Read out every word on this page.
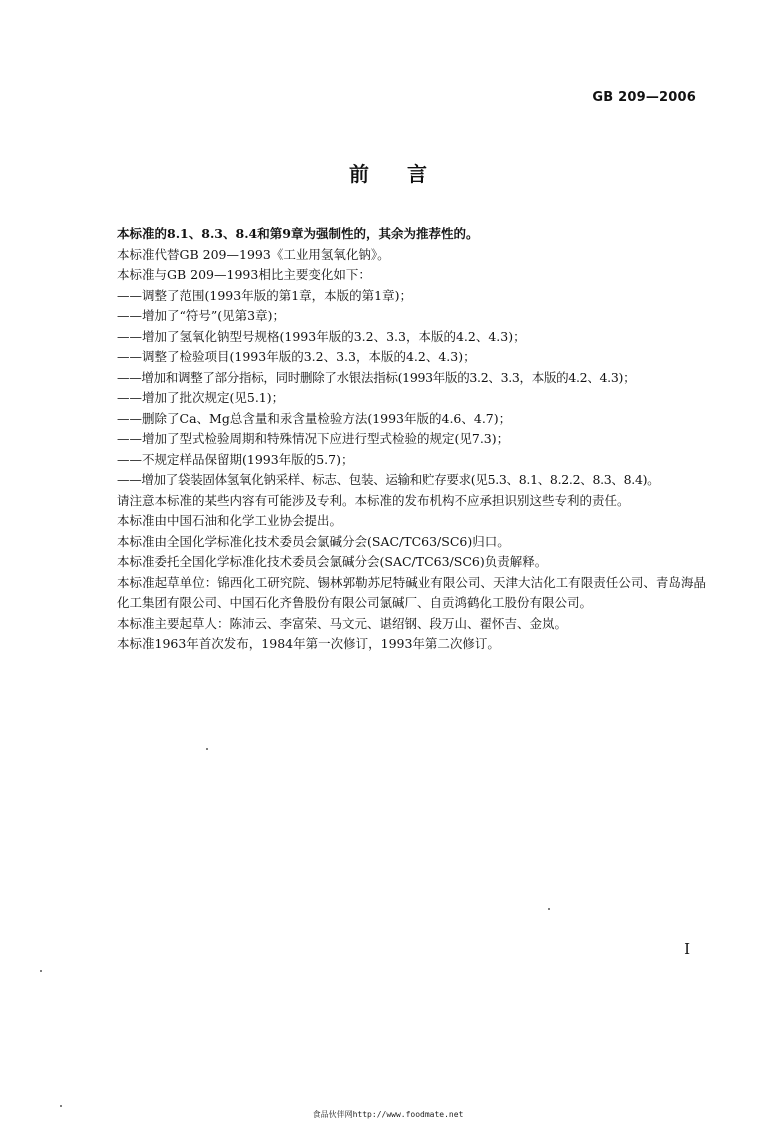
GB 209—2006
前言

本标准的8.1、8.3、8.4和第9章为强制性的，其余为推荐性的。

本标准代替GB 209—1993《工业用氢氧化钠》。

本标准与GB 209—1993相比主要变化如下：

——调整了范围(1993年版的第1章，本版的第1章)；

——增加了“符号”(见第3章)；

——增加了氢氧化钠型号规格(1993年版的3.2、3.3，本版的4.2、4.3)；

——调整了检验项目(1993年版的3.2、3.3，本版的4.2、4.3)；

——增加和调整了部分指标，同时删除了水银法指标(1993年版的3.2、3.3，本版的4.2、4.3)；

——增加了批次规定(见5.1)；

——删除了Ca、Mg总含量和汞含量检验方法(1993年版的4.6、4.7)；

——增加了型式检验周期和特殊情况下应进行型式检验的规定(见7.3)；

——不规定样品保留期(1993年版的5.7)；

——增加了袋装固体氢氧化钠采样、标志、包装、运输和贮存要求(见5.3、8.1、8.2.2、8.3、8.4)。

请注意本标准的某些内容有可能涉及专利。本标准的发布机构不应承担识别这些专利的责任。

本标准由中国石油和化学工业协会提出。

本标准由全国化学标准化技术委员会氯碱分会(SAC/TC63/SC6)归口。

本标准委托全国化学标准化技术委员会氯碱分会(SAC/TC63/SC6)负责解释。

本标准起草单位：锦西化工研究院、锡林郭勒苏尼特碱业有限公司、天津大沽化工有限责任公司、青岛海晶化工集团有限公司、中国石化齐鲁股份有限公司氯碱厂、自贡鸿鹤化工股份有限公司。

本标准主要起草人：陈沛云、李富荣、马文元、谌绍钢、段万山、翟怀吉、金岚。

本标准1963年首次发布，1984年第一次修订，1993年第二次修订。

I
食品伙伴网http://www.foodmate.net
